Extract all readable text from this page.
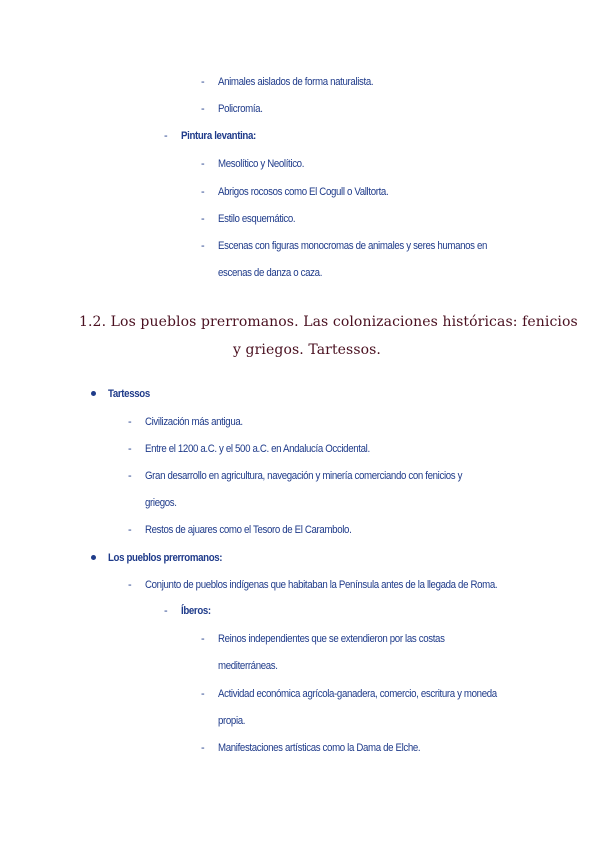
- Animales aislados de forma naturalista.
- Policromía.
- Pintura levantina:
- Mesolítico y Neolítico.
- Abrigos rocosos como El Cogull o Valltorta.
- Estilo esquemático.
- Escenas con figuras monocromas de animales y seres humanos en
escenas de danza o caza.
1.2. Los pueblos prerromanos. Las colonizaciones históricas: fenicios
y griegos. Tartessos.
Tartessos
- Civilización más antigua.
- Entre el 1200 a.C. y el 500 a.C. en Andalucía Occidental.
- Gran desarrollo en agricultura, navegación y minería comerciando con fenicios y
griegos.
- Restos de ajuares como el Tesoro de El Carambolo.
Los pueblos prerromanos:
- Conjunto de pueblos indígenas que habitaban la Península antes de la llegada de Roma.
- Íberos:
- Reinos independientes que se extendieron por las costas
mediterráneas.
- Actividad económica agrícola-ganadera, comercio, escritura y moneda
propia.
- Manifestaciones artísticas como la Dama de Elche.
